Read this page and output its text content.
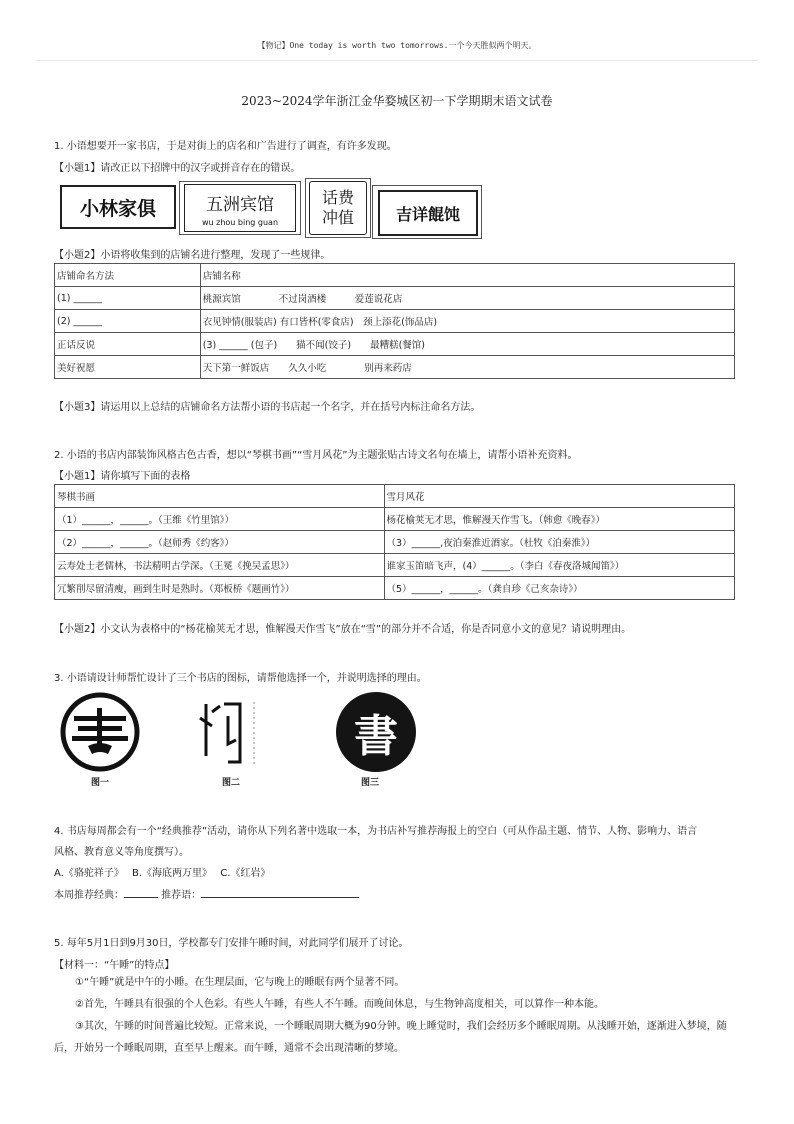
【物记】One today is worth two tomorrows.一个今天胜似两个明天。
2023~2024学年浙江金华婺城区初一下学期期末语文试卷
1. 小语想要开一家书店，于是对街上的店名和广告进行了调查，有许多发现。
【小题1】请改正以下招牌中的汉字或拼音存在的错误。
小林家俱	五洲宾馆
wu zhou bing guan
话费
冲值	吉详餛饨
【小题2】小语将收集到的店铺名进行整理，发现了一些规律。
店铺命名方法	店铺名称
(1) ______	桃源宾馆　　　　不过岗酒楼　　　爱莲说花店
(2) ______	衣见钟情(服装店) 有口皆杯(零食店)　颈上添花(饰品店)
正话反说	(3) ______ (包子)　　猫不闻(饺子)　　最糟糕(餐馆)
美好祝愿	天下第一鲜饭店　　久久小吃　　　　别再来药店
【小题3】请运用以上总结的店铺命名方法帮小语的书店起一个名字，并在括号内标注命名方法。
2. 小语的书店内部装饰风格古色古香，想以“琴棋书画”“雪月风花”为主题张贴古诗文名句在墙上，请帮小语补充资料。
【小题1】请你填写下面的表格
琴棋书画	雪月风花
（1）______，______。（王维《竹里馆》）	杨花榆荚无才思，惟解漫天作雪飞。（韩愈《晚春》）
（2）______，______。（赵师秀《约客》）	（3）______,夜泊秦淮近酒家。（杜牧《泊秦淮》）
云寿处士老儒林，书法精明古学深。（王冕《挽吴孟思》）	谁家玉笛暗飞声，(4）______。（李白《春夜洛城闻笛》）
冗繁削尽留清瘦，画到生时是熟时。（郑板桥《题画竹》）	（5）______，______。（龚自珍《己亥杂诗》）
【小题2】小文认为表格中的“杨花榆荚无才思，惟解漫天作雪飞”放在“雪”的部分并不合适，你是否同意小文的意见？请说明理由。
3. 小语请设计师帮忙设计了三个书店的图标，请帮他选择一个，并说明选择的理由。
图一	图二
書
图三
4. 书店每周都会有一个“经典推荐”活动，请你从下列名著中选取一本，为书店补写推荐海报上的空白（可从作品主题、情节、人物、影响力、语言
风格、教育意义等角度撰写）。
A.《骆驼祥子》　 B.《海底两万里》　 C.《红岩》
本周推荐经典：	推荐语：
5. 每年5月1日到9月30日，学校都专门安排午睡时间，对此同学们展开了讨论。
【材料一：“午睡”的特点】
①“午睡”就是中午的小睡。在生理层面，它与晚上的睡眠有两个显著不同。
②首先，午睡具有很强的个人色彩。有些人午睡，有些人不午睡。而晚间休息，与生物钟高度相关，可以算作一种本能。
③其次，午睡的时间普遍比较短。正常来说，一个睡眠周期大概为90分钟。晚上睡觉时，我们会经历多个睡眠周期。从浅睡开始，逐渐进入梦境，随后，开始另一个睡眠周期，直至早上醒来。而午睡，通常不会出现清晰的梦境。
